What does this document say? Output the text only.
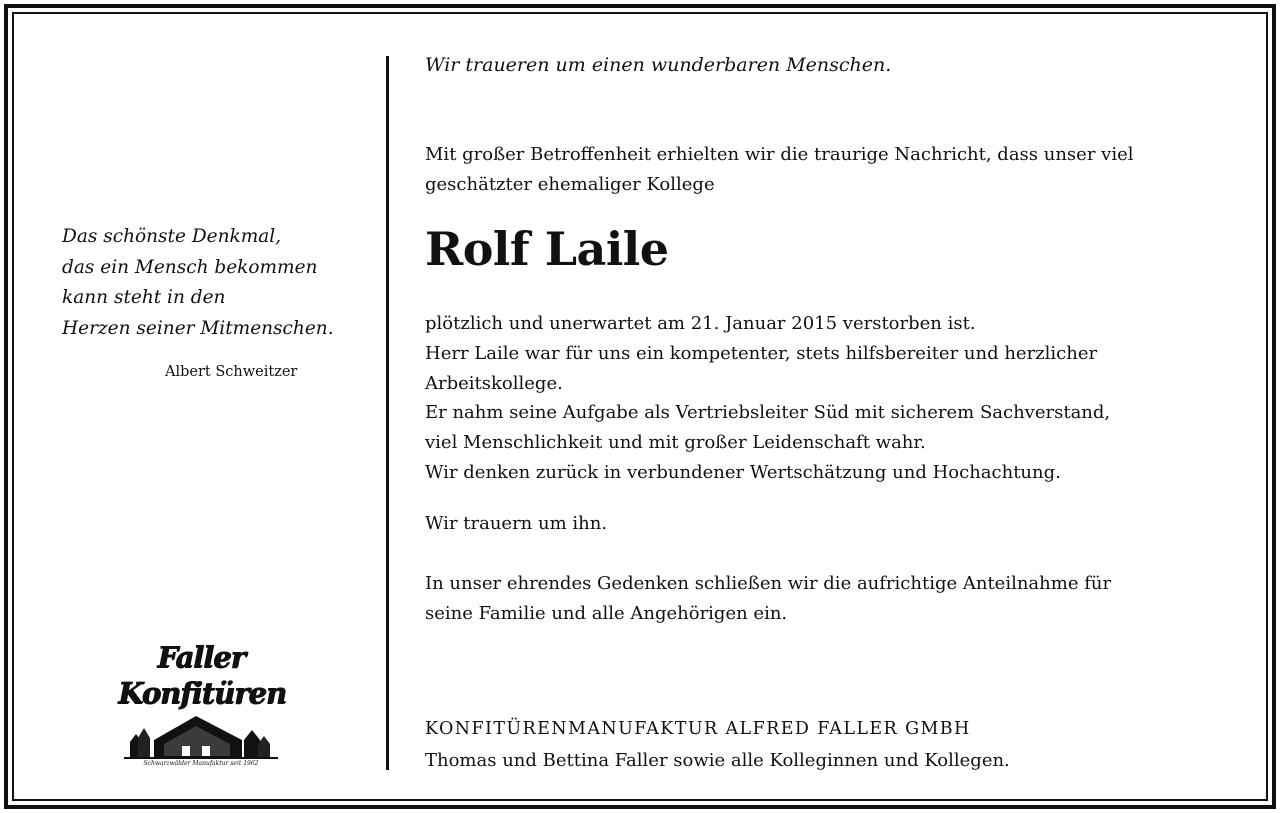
Das schönste Denkmal,
das ein Mensch bekommen
kann steht in den
Herzen seiner Mitmenschen.
Albert Schweitzer
Faller
Konfitüren
Schwarzwälder Manufaktur seit 1962
Wir traueren um einen wunderbaren Menschen.
Mit großer Betroffenheit erhielten wir die traurige Nachricht, dass unser viel
geschätzter ehemaliger Kollege
Rolf Laile
plötzlich und unerwartet am 21. Januar 2015 verstorben ist.
Herr Laile war für uns ein kompetenter, stets hilfsbereiter und herzlicher
Arbeitskollege.
Er nahm seine Aufgabe als Vertriebsleiter Süd mit sicherem Sachverstand,
viel Menschlichkeit und mit großer Leidenschaft wahr.
Wir denken zurück in verbundener Wertschätzung und Hochachtung.
Wir trauern um ihn.
In unser ehrendes Gedenken schließen wir die aufrichtige Anteilnahme für
seine Familie und alle Angehörigen ein.
KONFITÜRENMANUFAKTUR ALFRED FALLER GMBH
Thomas und Bettina Faller sowie alle Kolleginnen und Kollegen.
